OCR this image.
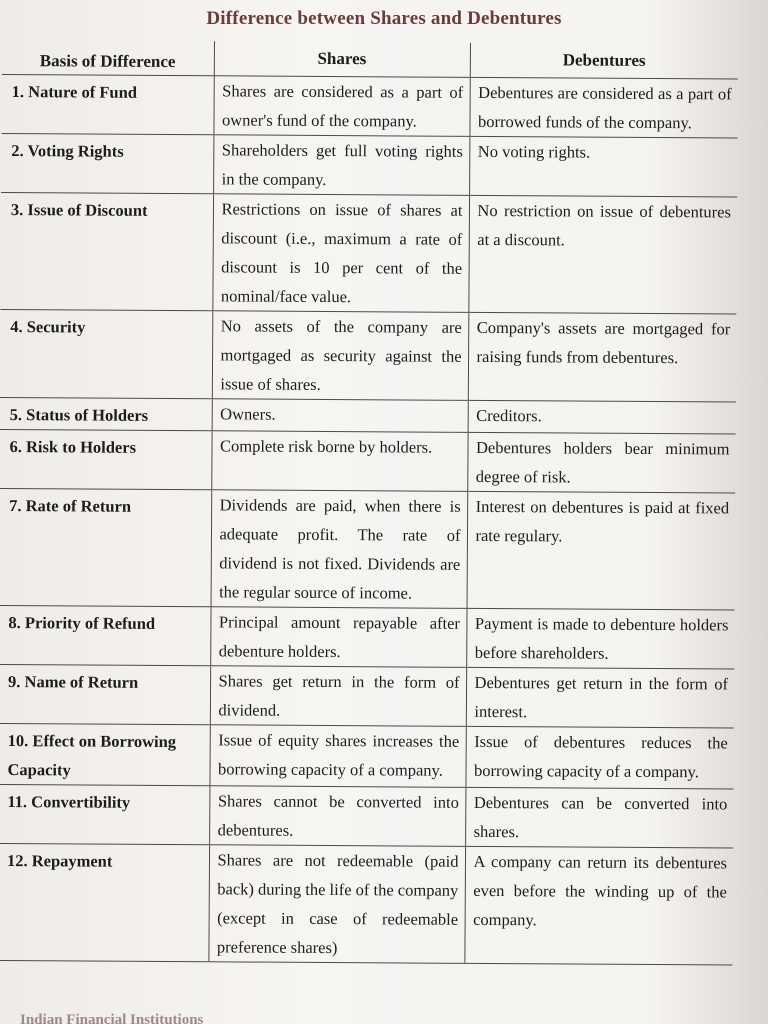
Difference between Shares and Debentures
Basis of Difference	Shares	Debentures
1. Nature of Fund	Shares are considered as a part of owner's fund of the company.	Debentures are considered as a part of borrowed funds of the company.
2. Voting Rights	Shareholders get full voting rights in the company.	No voting rights.
3. Issue of Discount	Restrictions on issue of shares at discount (i.e., maximum a rate of discount is 10 per cent of the nominal/face value.	No restriction on issue of debentures at a discount.
4. Security	No assets of the company are mortgaged as security against the issue of shares.	Company's assets are mortgaged for raising funds from debentures.
5. Status of Holders	Owners.	Creditors.
6. Risk to Holders	Complete risk borne by holders.	Debentures holders bear minimum degree of risk.
7. Rate of Return	Dividends are paid, when there is adequate profit. The rate of dividend is not fixed. Dividends are the regular source of income.	Interest on debentures is paid at fixed rate regulary.
8. Priority of Refund	Principal amount repayable after debenture holders.	Payment is made to debenture holders before shareholders.
9. Name of Return	Shares get return in the form of dividend.	Debentures get return in the form of interest.
10. Effect on Borrowing Capacity	Issue of equity shares increases the borrowing capacity of a company.	Issue of debentures reduces the borrowing capacity of a company.
11. Convertibility	Shares cannot be converted into debentures.	Debentures can be converted into shares.
12. Repayment	Shares are not redeemable (paid back) during the life of the company (except in case of redeemable preference shares)	A company can return its debentures even before the winding up of the company.
Indian Financial Institutions
